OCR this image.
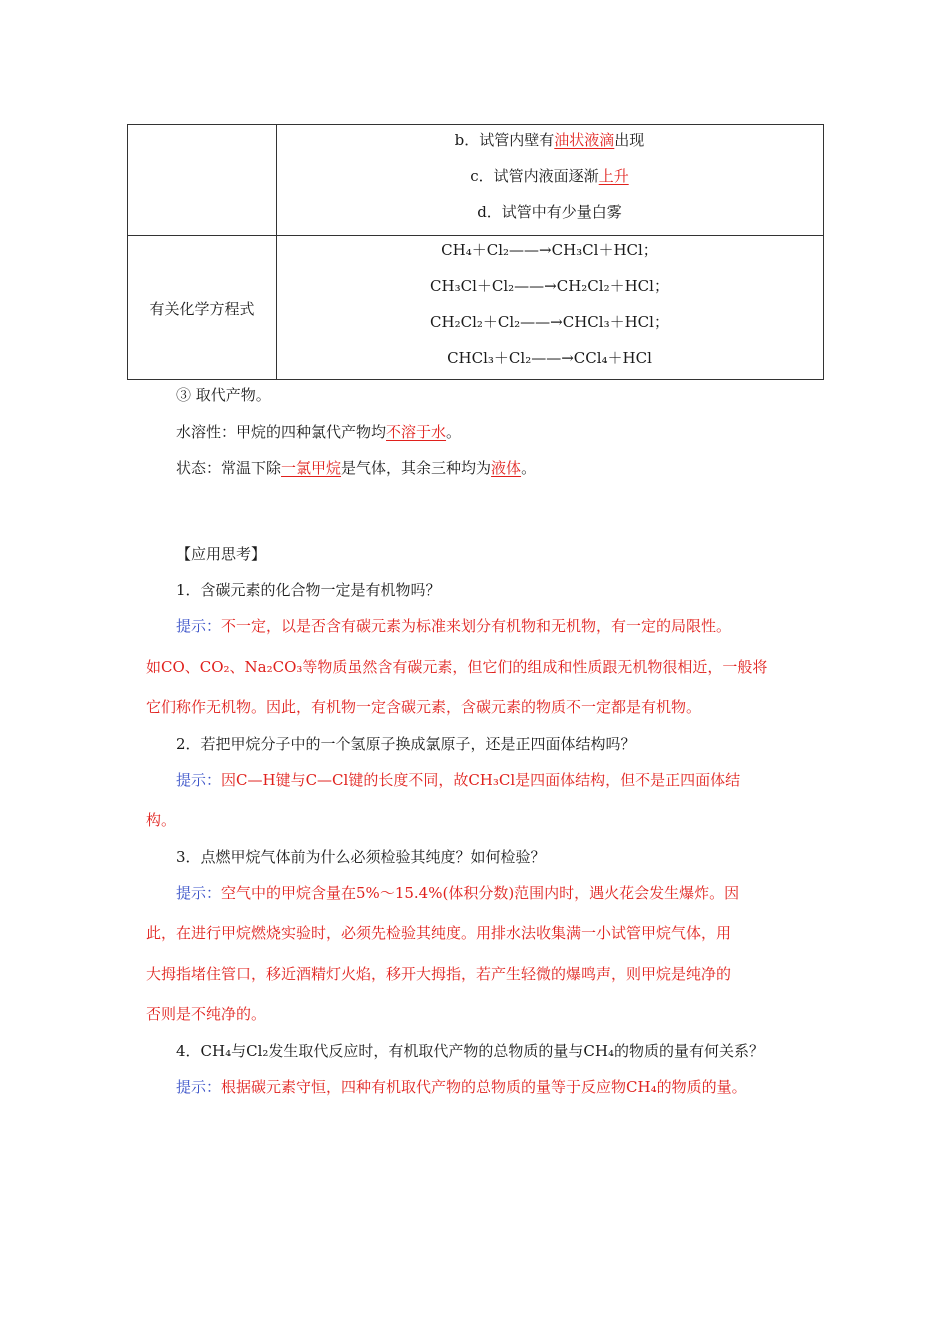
b．试管内壁有油状液滴出现
c．试管内液面逐渐上升
d．试管中有少量白雾
有关化学方程式
CH₄＋Cl₂——→CH₃Cl＋HCl；
CH₃Cl＋Cl₂——→CH₂Cl₂＋HCl；
CH₂Cl₂＋Cl₂——→CHCl₃＋HCl；
CHCl₃＋Cl₂——→CCl₄＋HCl
③ 取代产物。
水溶性：甲烷的四种氯代产物均不溶于水。
状态：常温下除一氯甲烷是气体，其余三种均为液体。
【应用思考】
1．含碳元素的化合物一定是有机物吗？
提示：不一定，以是否含有碳元素为标准来划分有机物和无机物，有一定的局限性。
如CO、CO₂、Na₂CO₃等物质虽然含有碳元素，但它们的组成和性质跟无机物很相近，一般将
它们称作无机物。因此，有机物一定含碳元素，含碳元素的物质不一定都是有机物。
2．若把甲烷分子中的一个氢原子换成氯原子，还是正四面体结构吗？
提示：因C—H键与C—Cl键的长度不同，故CH₃Cl是四面体结构，但不是正四面体结
构。
3．点燃甲烷气体前为什么必须检验其纯度？如何检验？
提示：空气中的甲烷含量在5%～15.4%(体积分数)范围内时，遇火花会发生爆炸。因
此，在进行甲烷燃烧实验时，必须先检验其纯度。用排水法收集满一小试管甲烷气体，用
大拇指堵住管口，移近酒精灯火焰，移开大拇指，若产生轻微的爆鸣声，则甲烷是纯净的
否则是不纯净的。
4．CH₄与Cl₂发生取代反应时，有机取代产物的总物质的量与CH₄的物质的量有何关系？
提示：根据碳元素守恒，四种有机取代产物的总物质的量等于反应物CH₄的物质的量。
